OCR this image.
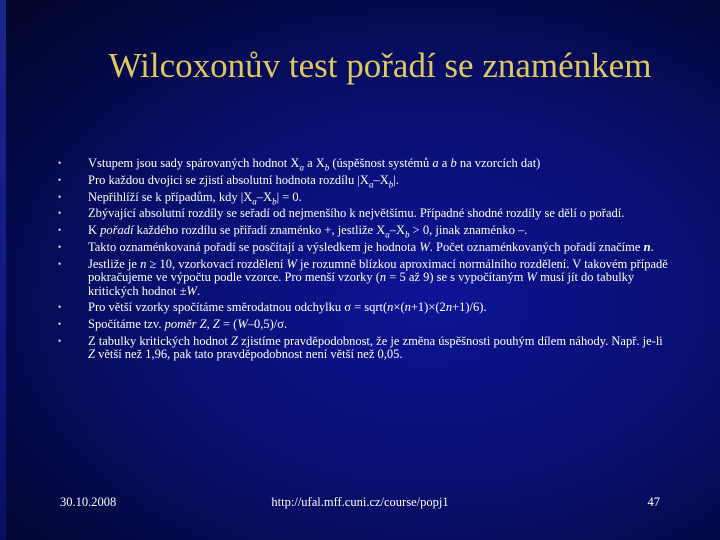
Wilcoxonův test pořadí se znaménkem
• Vstupem jsou sady spárovaných hodnot $X_a$ a $X_b$ (úspěšnost systémů a a b na vzorcích dat)
• Pro každou dvojici se zjistí absolutní hodnota rozdílu $|X_a-X_b|$.
• Nepřihlíží se k případům, kdy $|X_a-X_b| = 0$.
• Zbývající absolutní rozdíly se seřadí od nejmenšího k největšímu. Případné shodné rozdíly se dělí o pořadí.
• K pořadí každého rozdílu se přiřadí znaménko +, jestliže $X_a-X_b > 0$, jinak znaménko –.
• Takto oznaménkovaná pořadí se posčítají a výsledkem je hodnota W. Počet oznaménkovaných pořadí značíme n.
• Jestliže je n ≥ 10, vzorkovací rozdělení W je rozumně blízkou aproximací normálního rozdělení. V takovém případě pokračujeme ve výpočtu podle vzorce. Pro menší vzorky (n = 5 až 9) se s vypočítaným W musí jít do tabulky kritických hodnot ±W.
• Pro větší vzorky spočítáme směrodatnou odchylku σ = sqrt(n×(n+1)×(2n+1)/6).
• Spočítáme tzv. poměr Z, Z = (W–0,5)/σ.
• Z tabulky kritických hodnot Z zjistíme pravděpodobnost, že je změna úspěšnosti pouhým dílem náhody. Např. je-li Z větší než 1,96, pak tato pravděpodobnost není větší než 0,05.
30.10.2008	http://ufal.mff.cuni.cz/course/popj1	47
